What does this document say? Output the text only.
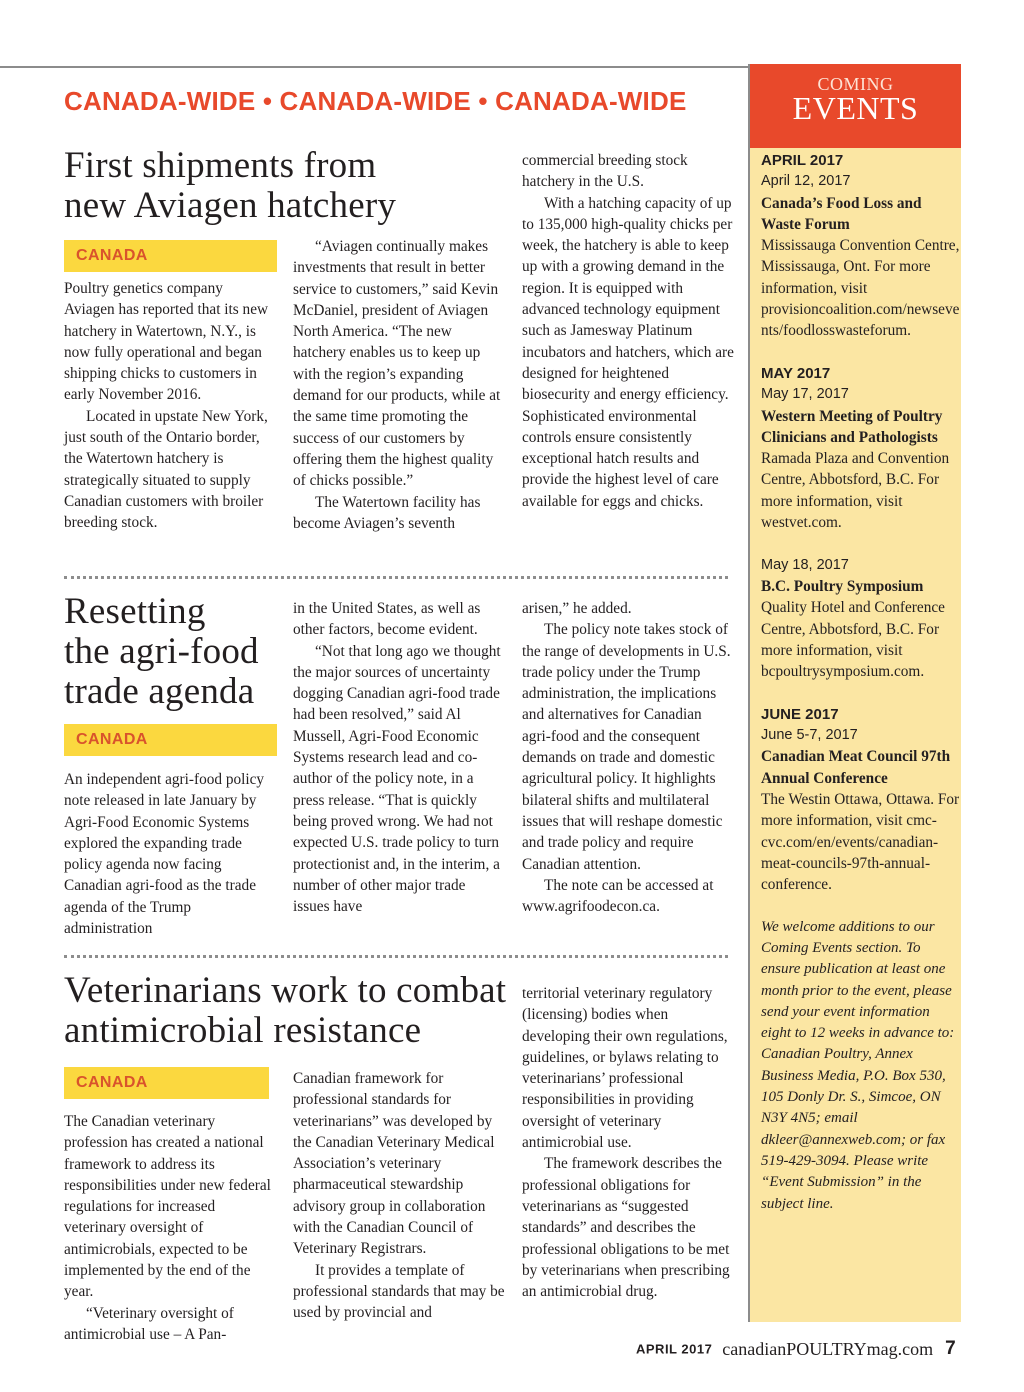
CANADA-WIDE • CANADA-WIDE • CANADA-WIDE
First shipments from
new Aviagen hatchery
CANADA

Poultry genetics company Aviagen has reported that its new hatchery in Watertown, N.Y., is now fully operational and began shipping chicks to customers in early November 2016.

Located in upstate New York, just south of the Ontario border, the Watertown hatchery is strategically situated to supply Canadian customers with broiler breeding stock.

“Aviagen continually makes investments that result in better service to customers,” said Kevin McDaniel, president of Aviagen North America. “The new hatchery enables us to keep up with the region’s expanding demand for our products, while at the same time promoting the success of our customers by offering them the highest quality of chicks possible.”

The Watertown facility has become Aviagen’s seventh

commercial breeding stock hatchery in the U.S.

With a hatching capacity of up to 135,000 high-quality chicks per week, the hatchery is able to keep up with a growing demand in the region. It is equipped with advanced technology equipment such as Jamesway Platinum incubators and hatchers, which are designed for heightened biosecurity and energy efficiency. Sophisticated environmental controls ensure consistently exceptional hatch results and provide the highest level of care available for eggs and chicks.

Resetting
the agri-food
trade agenda
CANADA

An independent agri-food policy note released in late January by Agri-Food Economic Systems explored the expanding trade policy agenda now facing Canadian agri-food as the trade agenda of the Trump administration

in the United States, as well as other factors, become evident.

“Not that long ago we thought the major sources of uncertainty dogging Canadian agri-food trade had been resolved,” said Al Mussell, Agri-Food Economic Systems research lead and co-author of the policy note, in a press release. “That is quickly being proved wrong. We had not expected U.S. trade policy to turn protectionist and, in the interim, a number of other major trade issues have

arisen,” he added.

The policy note takes stock of the range of developments in U.S. trade policy under the Trump administration, the implications and alternatives for Canadian agri-food and the consequent demands on trade and domestic agricultural policy. It highlights bilateral shifts and multilateral issues that will reshape domestic and trade policy and require Canadian attention.

The note can be accessed at www.agrifoodecon.ca.

Veterinarians work to combat
antimicrobial resistance
CANADA

The Canadian veterinary profession has created a national framework to address its responsibilities under new federal regulations for increased veterinary oversight of antimicrobials, expected to be implemented by the end of the year.

“Veterinary oversight of antimicrobial use – A Pan-

Canadian framework for professional standards for veterinarians” was developed by the Canadian Veterinary Medical Association’s veterinary pharmaceutical stewardship advisory group in collaboration with the Canadian Council of Veterinary Registrars.

It provides a template of professional standards that may be used by provincial and

territorial veterinary regulatory (licensing) bodies when developing their own regulations, guidelines, or bylaws relating to veterinarians’ professional responsibilities in providing oversight of veterinary antimicrobial use.

The framework describes the professional obligations for veterinarians as “suggested standards” and describes the professional obligations to be met by veterinarians when prescribing an antimicrobial drug.

COMING
EVENTS
APRIL 2017
April 12, 2017
Canada’s Food Loss and Waste Forum
Mississauga Convention Centre, Mississauga, Ont. For more information, visit provisioncoalition.com/newsevents/foodlosswasteforum.
MAY 2017
May 17, 2017
Western Meeting of Poultry Clinicians and Pathologists
Ramada Plaza and Convention Centre, Abbotsford, B.C. For more information, visit westvet.com.
May 18, 2017
B.C. Poultry Symposium
Quality Hotel and Conference Centre, Abbotsford, B.C. For more information, visit bcpoultrysymposium.com.
JUNE 2017
June 5-7, 2017
Canadian Meat Council 97th Annual Conference
The Westin Ottawa, Ottawa. For more information, visit cmc-cvc.com/en/events/canadian-meat-councils-97th-annual-conference.
We welcome additions to our Coming Events section. To ensure publication at least one month prior to the event, please send your event information eight to 12 weeks in advance to: Canadian Poultry, Annex Business Media, P.O. Box 530, 105 Donly Dr. S., Simcoe, ON N3Y 4N5; email dkleer@annexweb.com; or fax 519-429-3094. Please write “Event Submission” in the subject line.
APRIL 2017 canadianPOULTRYmag.com 7
